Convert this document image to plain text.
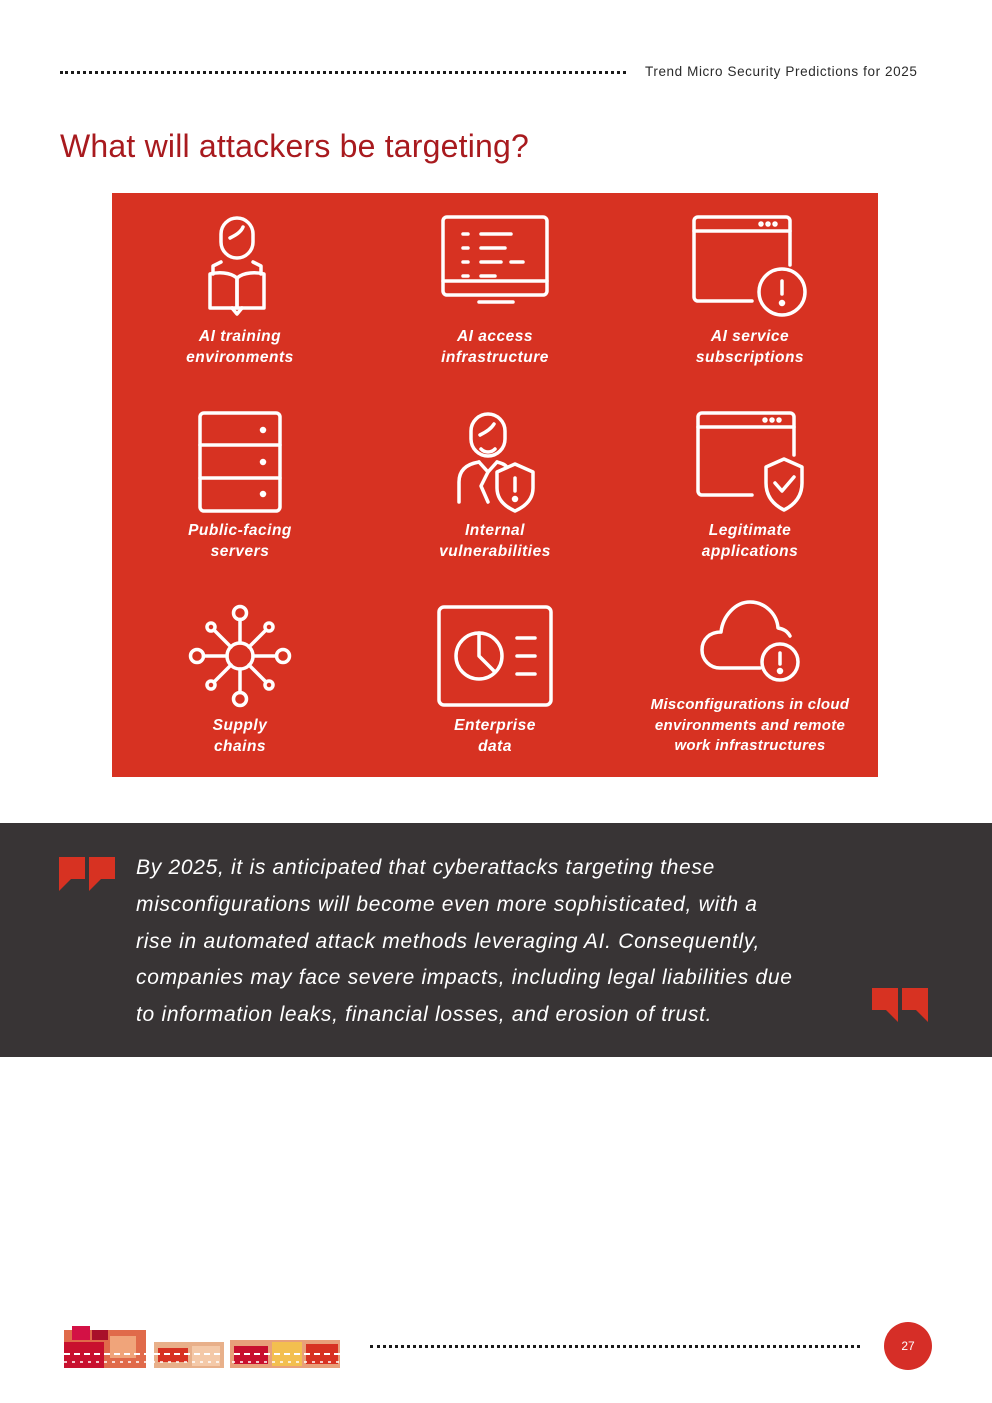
Trend Micro Security Predictions for 2025
What will attackers be targeting?
AI training
environments
AI access
infrastructure
AI service
subscriptions
Public-facing
servers
Internal
vulnerabilities
Legitimate
applications
Supply
chains
Enterprise
data
Misconfigurations in cloud
environments and remote
work infrastructures
By 2025, it is anticipated that cyberattacks targeting these
misconfigurations will become even more sophisticated, with a
rise in automated attack methods leveraging AI. Consequently,
companies may face severe impacts, including legal liabilities due
to information leaks, financial losses, and erosion of trust.
27
